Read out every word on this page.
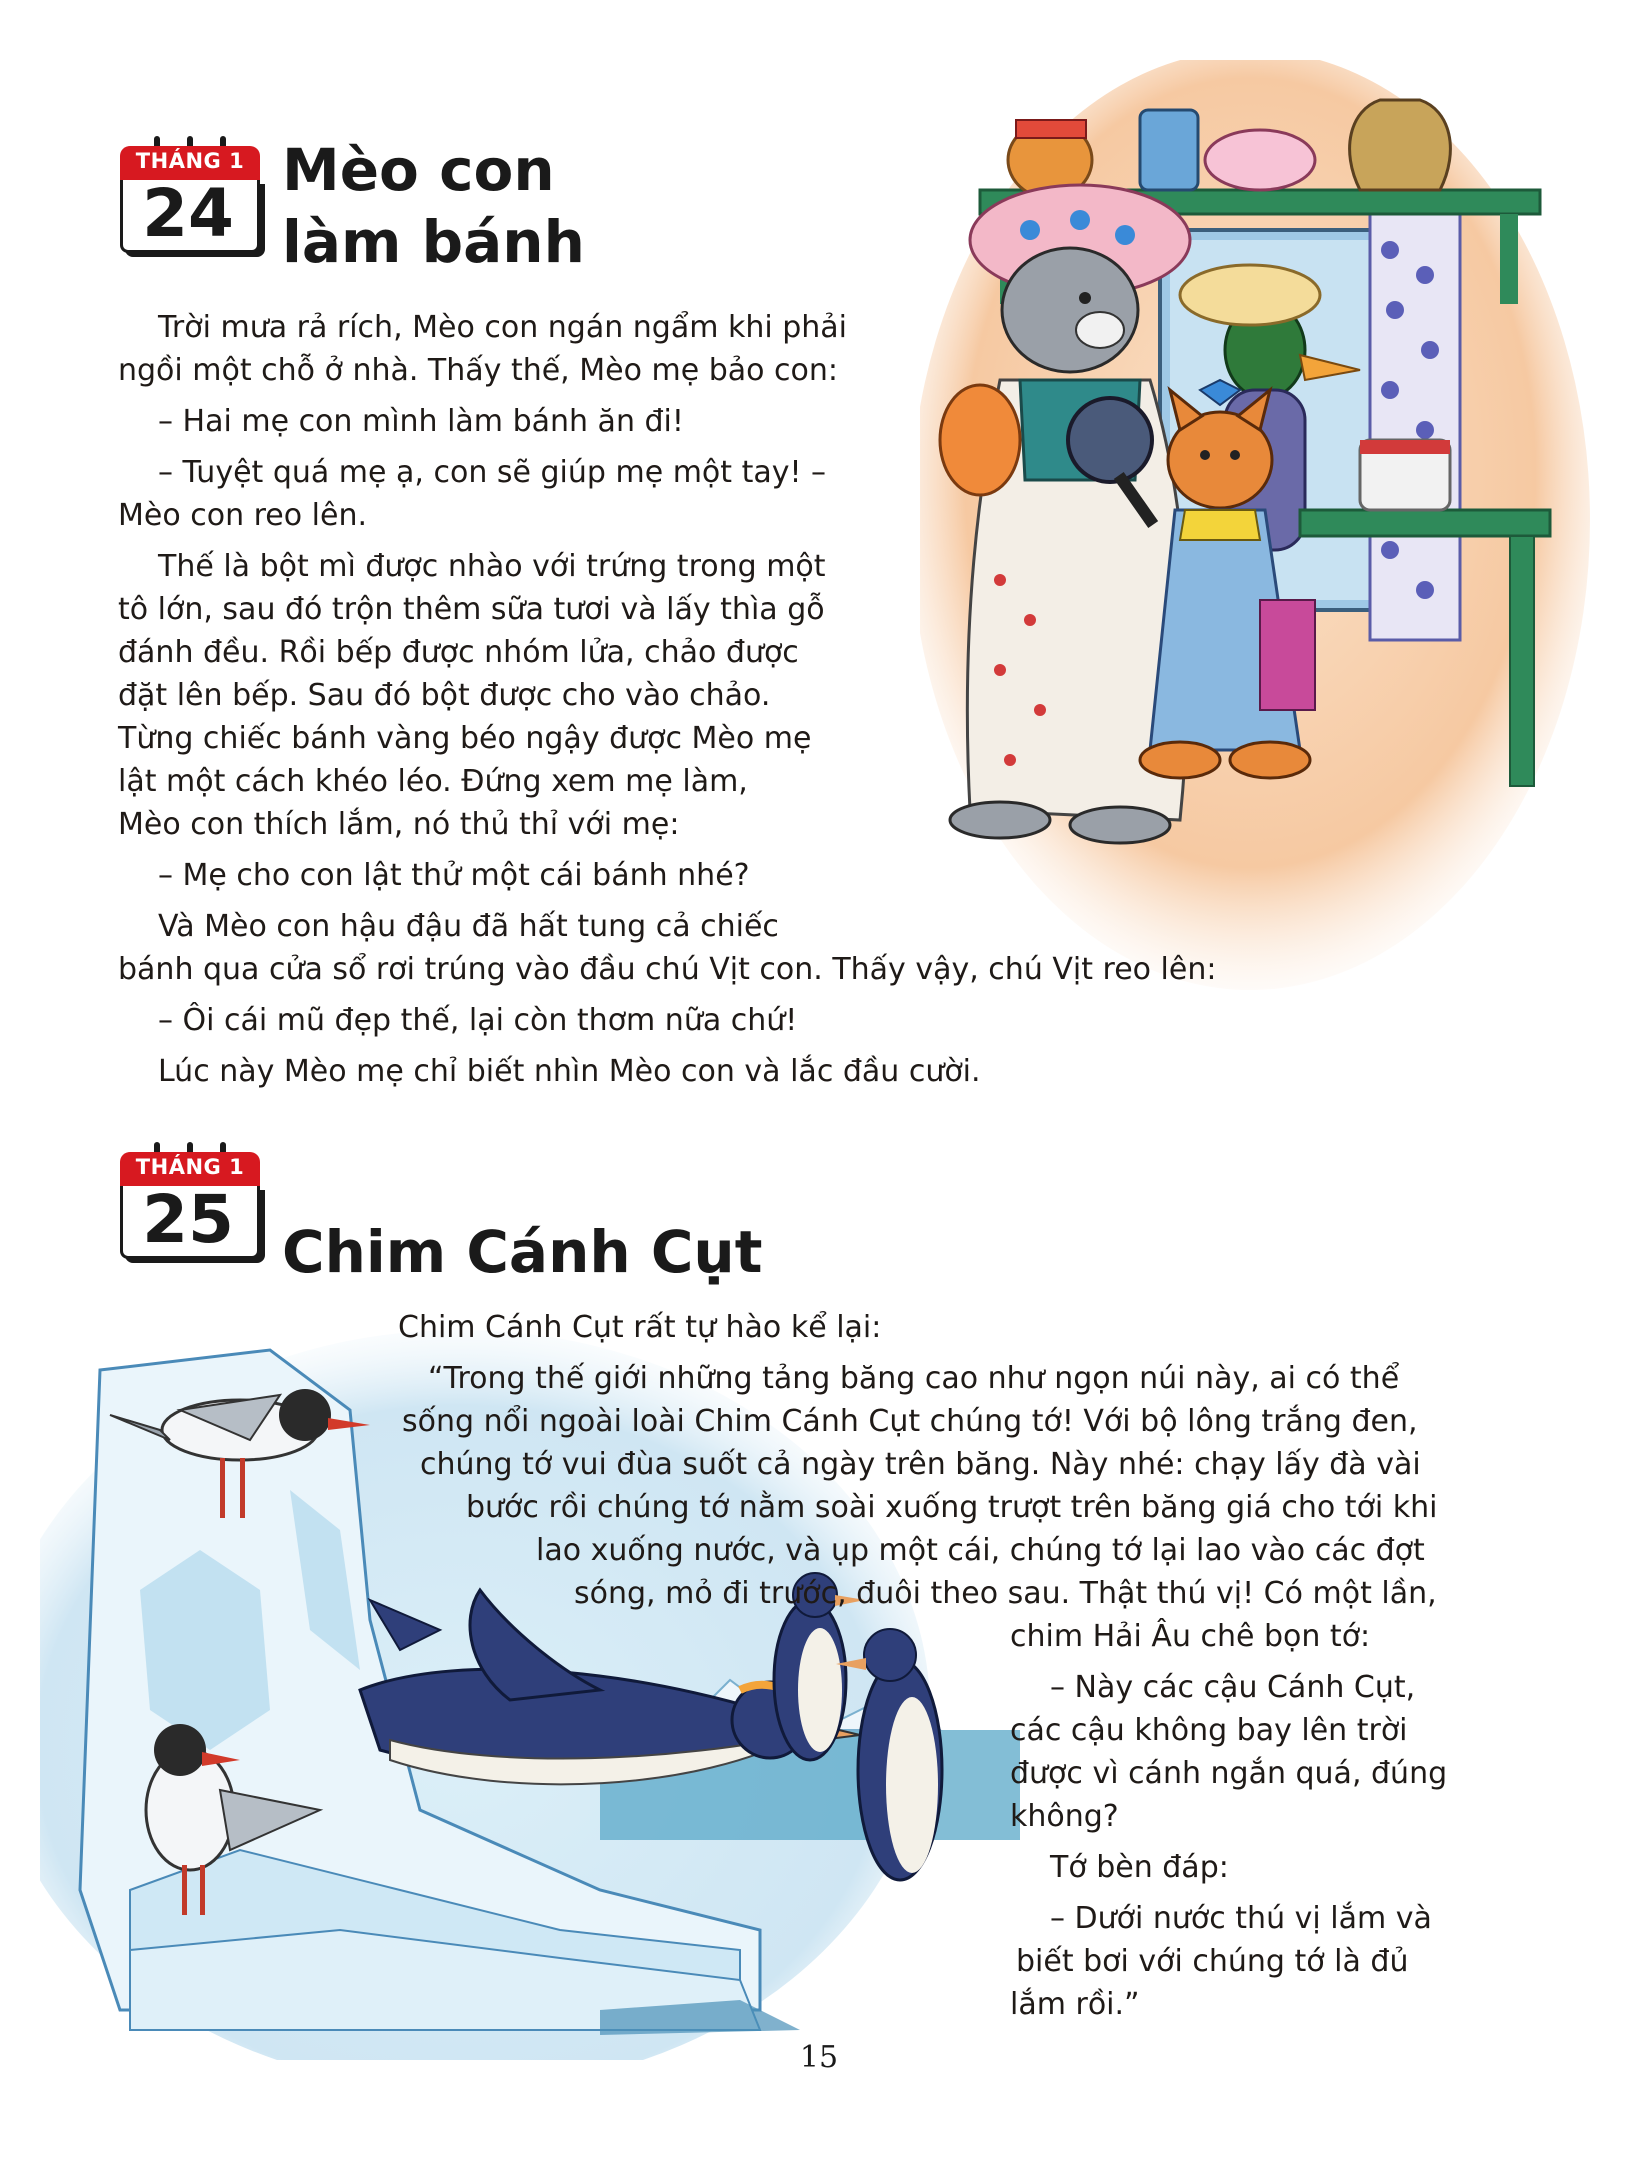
THÁNG 1
24
Mèo con
làm bánh

Trời mưa rả rích, Mèo con ngán ngẩm khi phải

ngồi một chỗ ở nhà. Thấy thế, Mèo mẹ bảo con:

– Hai mẹ con mình làm bánh ăn đi!

– Tuyệt quá mẹ ạ, con sẽ giúp mẹ một tay! –

Mèo con reo lên.

Thế là bột mì được nhào với trứng trong một

tô lớn, sau đó trộn thêm sữa tươi và lấy thìa gỗ

đánh đều. Rồi bếp được nhóm lửa, chảo được

đặt lên bếp. Sau đó bột được cho vào chảo.

Từng chiếc bánh vàng béo ngậy được Mèo mẹ

lật một cách khéo léo. Đứng xem mẹ làm,

Mèo con thích lắm, nó thủ thỉ với mẹ:

– Mẹ cho con lật thử một cái bánh nhé?

Và Mèo con hậu đậu đã hất tung cả chiếc

bánh qua cửa sổ rơi trúng vào đầu chú Vịt con. Thấy vậy, chú Vịt reo lên:

– Ôi cái mũ đẹp thế, lại còn thơm nữa chứ!

Lúc này Mèo mẹ chỉ biết nhìn Mèo con và lắc đầu cười.

THÁNG 1
25 Chim Cánh Cụt

Chim Cánh Cụt rất tự hào kể lại:

“Trong thế giới những tảng băng cao như ngọn núi này, ai có thể

sống nổi ngoài loài Chim Cánh Cụt chúng tớ! Với bộ lông trắng đen,

chúng tớ vui đùa suốt cả ngày trên băng. Này nhé: chạy lấy đà vài

bước rồi chúng tớ nằm soài xuống trượt trên băng giá cho tới khi

lao xuống nước, và ụp một cái, chúng tớ lại lao vào các đợt

sóng, mỏ đi trước, đuôi theo sau. Thật thú vị! Có một lần,

chim Hải Âu chê bọn tớ:

– Này các cậu Cánh Cụt,

các cậu không bay lên trời

được vì cánh ngắn quá, đúng

không?

Tớ bèn đáp:

– Dưới nước thú vị lắm và

biết bơi với chúng tớ là đủ

lắm rồi.”

15
